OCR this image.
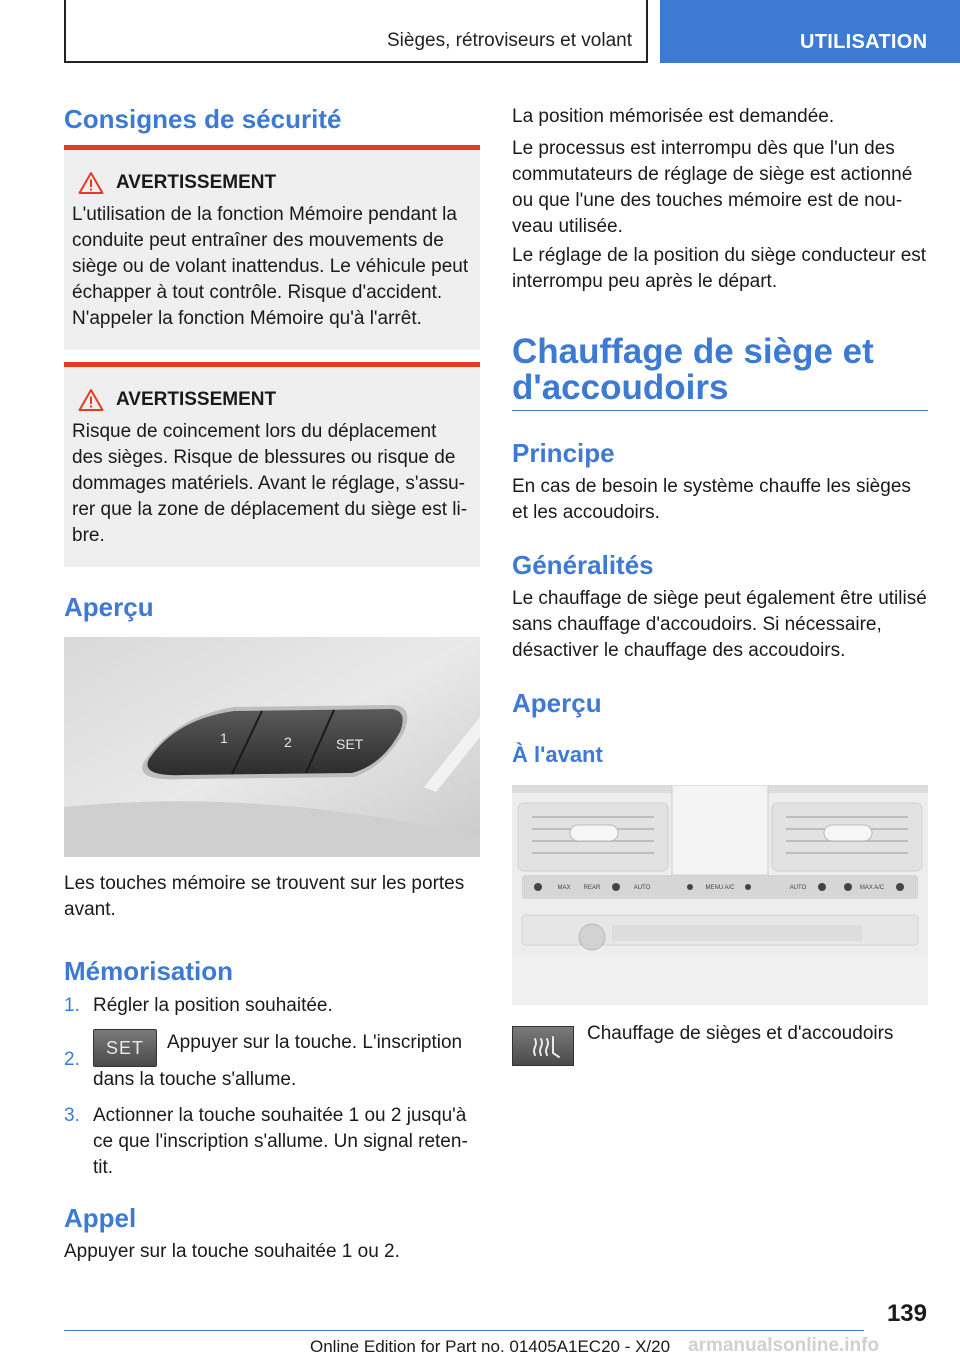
Sièges, rétroviseurs et volant	UTILISATION
Consignes de sécurité
AVERTISSEMENT
L'utilisation de la fonction Mémoire pendant la conduite peut entraîner des mouvements de siège ou de volant inattendus. Le véhicule peut échapper à tout contrôle. Risque d'accident. N'appeler la fonction Mémoire qu'à l'arrêt.
AVERTISSEMENT
Risque de coincement lors du déplacement des sièges. Risque de blessures ou risque de dommages matériels. Avant le réglage, s'assurer que la zone de déplacement du siège est libre.
Aperçu
1	2	SET

Les touches mémoire se trouvent sur les portes avant.

Mémorisation
1. Régler la position souhaitée.
2.
SET Appuyer sur la touche. L'inscription dans la touche s'allume.
3. Actionner la touche souhaitée 1 ou 2 jusqu'à ce que l'inscription s'allume. Un signal retentit.
Appel

Appuyer sur la touche souhaitée 1 ou 2.

La position mémorisée est demandée.

Le processus est interrompu dès que l'un des commutateurs de réglage de siège est actionné ou que l'une des touches mémoire est de nouveau utilisée.

Le réglage de la position du siège conducteur est interrompu peu après le départ.

Chauffage de siège et d'accoudoirs
Principe

En cas de besoin le système chauffe les sièges et les accoudoirs.

Généralités

Le chauffage de siège peut également être utilisé sans chauffage d'accoudoirs. Si nécessaire, désactiver le chauffage des accoudoirs.

Aperçu
À l'avant
MAX REAR	AUTO	MENU A/C	AUTO	MAX A/C

Chauffage de sièges et d'accoudoirs

139
Online Edition for Part no. 01405A1EC20 - X/20 armanualsonline.info
